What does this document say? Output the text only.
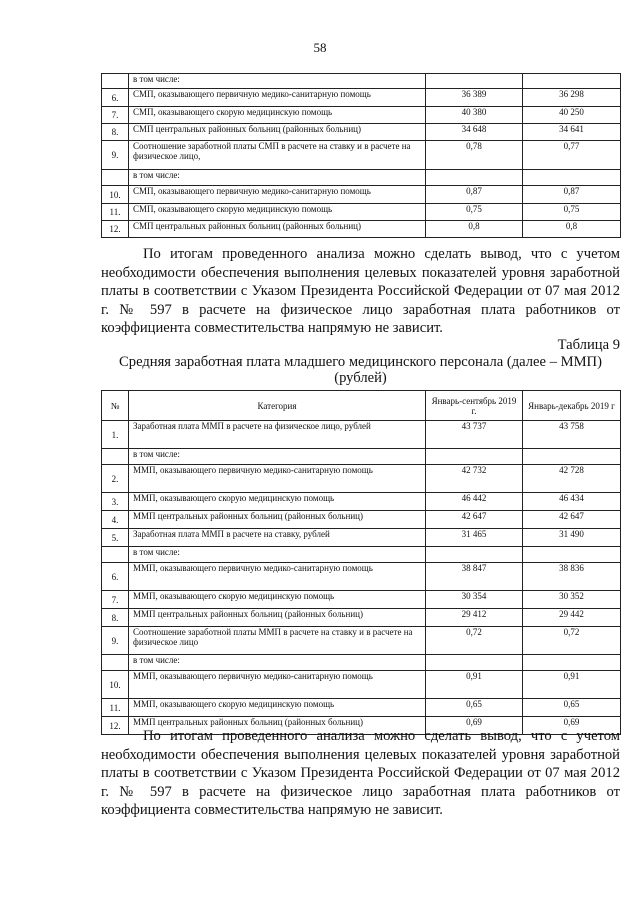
58
	в том числе:		
6.	СМП, оказывающего первичную медико-санитарную помощь	36 389	36 298
7.	СМП, оказывающего скорую медицинскую помощь	40 380	40 250
8.	СМП центральных районных больниц (районных больниц)	34 648	34 641
9.	Соотношение заработной платы СМП в расчете на ставку и в расчете на физическое лицо,	0,78	0,77
	в том числе:		
10.	СМП, оказывающего первичную медико-санитарную помощь	0,87	0,87
11.	СМП, оказывающего скорую медицинскую помощь	0,75	0,75
12.	СМП центральных районных больниц (районных больниц)	0,8	0,8
По итогам проведенного анализа можно сделать вывод, что с учетом необходимости обеспечения выполнения целевых показателей уровня заработной платы в соответствии с Указом Президента Российской Федерации от 07 мая 2012 г. № 597 в расчете на физическое лицо заработная плата работников от коэффициента совместительства напрямую не зависит.
Таблица 9
Средняя заработная плата младшего медицинского персонала (далее – ММП) (рублей)
№	Категория	Январь-сентябрь 2019 г.	Январь-декабрь 2019 г
1.	Заработная плата ММП в расчете на физическое лицо, рублей	43 737	43 758
	в том числе:		
2.	ММП, оказывающего первичную медико-санитарную помощь	42 732	42 728
3.	ММП, оказывающего скорую медицинскую помощь	46 442	46 434
4.	ММП центральных районных больниц (районных больниц)	42 647	42 647
5.	Заработная плата ММП в расчете на ставку, рублей	31 465	31 490
	в том числе:		
6.	ММП, оказывающего первичную медико-санитарную помощь	38 847	38 836
7.	ММП, оказывающего скорую медицинскую помощь	30 354	30 352
8.	ММП центральных районных больниц (районных больниц)	29 412	29 442
9.	Соотношение заработной платы ММП в расчете на ставку и в расчете на физическое лицо	0,72	0,72
	в том числе:		
10.	ММП, оказывающего первичную медико-санитарную помощь	0,91	0,91
11.	ММП, оказывающего скорую медицинскую помощь	0,65	0,65
12.	ММП центральных районных больниц (районных больниц)	0,69	0,69
По итогам проведенного анализа можно сделать вывод, что с учетом необходимости обеспечения выполнения целевых показателей уровня заработной платы в соответствии с Указом Президента Российской Федерации от 07 мая 2012 г. № 597 в расчете на физическое лицо заработная плата работников от коэффициента совместительства напрямую не зависит.
